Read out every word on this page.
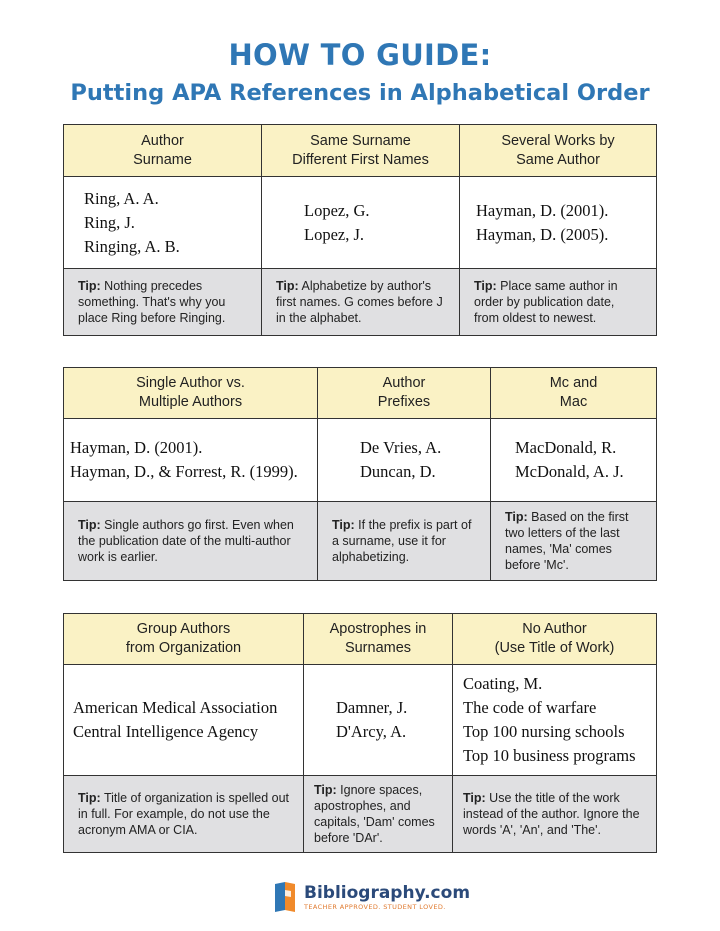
HOW TO GUIDE:
Putting APA References in Alphabetical Order
Author
Surname
Same Surname
Different First Names
Several Works by
Same Author
Ring, A. A.
Ring, J.
Ringing, A. B.
Lopez, G.
Lopez, J.
Hayman, D. (2001).
Hayman, D. (2005).
Tip: Nothing precedes something. That's why you place Ring before Ringing.
Tip: Alphabetize by author's first names. G comes before J in the alphabet.
Tip: Place same author in order by publication date, from oldest to newest.
Single Author vs.
Multiple Authors
Author
Prefixes
Mc and
Mac
Hayman, D. (2001).
Hayman, D., & Forrest, R. (1999).
De Vries, A.
Duncan, D.
MacDonald, R.
McDonald, A. J.
Tip: Single authors go first. Even when the publication date of the multi-author work is earlier.
Tip: If the prefix is part of a surname, use it for alphabetizing.
Tip: Based on the first two letters of the last names, 'Ma' comes before 'Mc'.
Group Authors
from Organization
Apostrophes in
Surnames
No Author
(Use Title of Work)
American Medical Association
Central Intelligence Agency
Damner, J.
D'Arcy, A.
Coating, M.
The code of warfare
Top 100 nursing schools
Top 10 business programs
Tip: Title of organization is spelled out in full. For example, do not use the acronym AMA or CIA.
Tip: Ignore spaces, apostrophes, and capitals, 'Dam' comes before 'DAr'.
Tip: Use the title of the work instead of the author. Ignore the words 'A', 'An', and 'The'.
Bibliography.com
TEACHER APPROVED. STUDENT LOVED.
